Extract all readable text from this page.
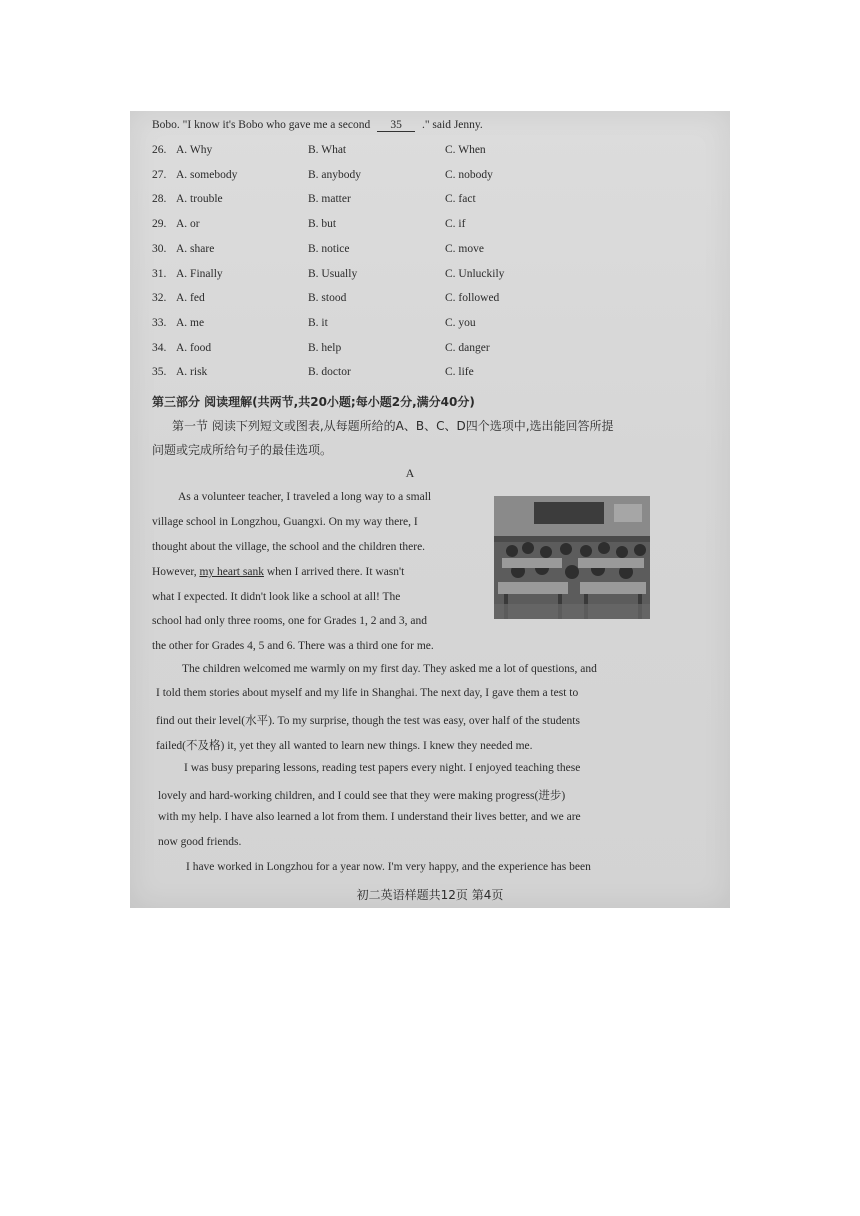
Bobo. "I know it's Bobo who gave me a second 35 ." said Jenny.
26. A. Why	B. What	C. When
27. A. somebody	B. anybody	C. nobody
28. A. trouble	B. matter	C. fact
29. A. or	B. but	C. if
30. A. share	B. notice	C. move
31. A. Finally	B. Usually	C. Unluckily
32. A. fed	B. stood	C. followed
33. A. me	B. it	C. you
34. A. food	B. help	C. danger
35. A. risk	B. doctor	C. life
第三部分 阅读理解(共两节,共20小题;每小题2分,满分40分)
第一节 阅读下列短文或图表,从每题所给的A、B、C、D四个选项中,选出能回答所提
问题或完成所给句子的最佳选项。
A
As a volunteer teacher, I traveled a long way to a small
village school in Longzhou, Guangxi. On my way there, I
thought about the village, the school and the children there.
However, my heart sank when I arrived there. It wasn't
what I expected. It didn't look like a school at all! The
school had only three rooms, one for Grades 1, 2 and 3, and
the other for Grades 4, 5 and 6. There was a third one for me.
The children welcomed me warmly on my first day. They asked me a lot of questions, and
I told them stories about myself and my life in Shanghai. The next day, I gave them a test to
find out their level(水平). To my surprise, though the test was easy, over half of the students
failed(不及格) it, yet they all wanted to learn new things. I knew they needed me.
I was busy preparing lessons, reading test papers every night. I enjoyed teaching these
lovely and hard-working children, and I could see that they were making progress(进步)
with my help. I have also learned a lot from them. I understand their lives better, and we are
now good friends.
I have worked in Longzhou for a year now. I'm very happy, and the experience has been
初二英语样题共12页 第4页
